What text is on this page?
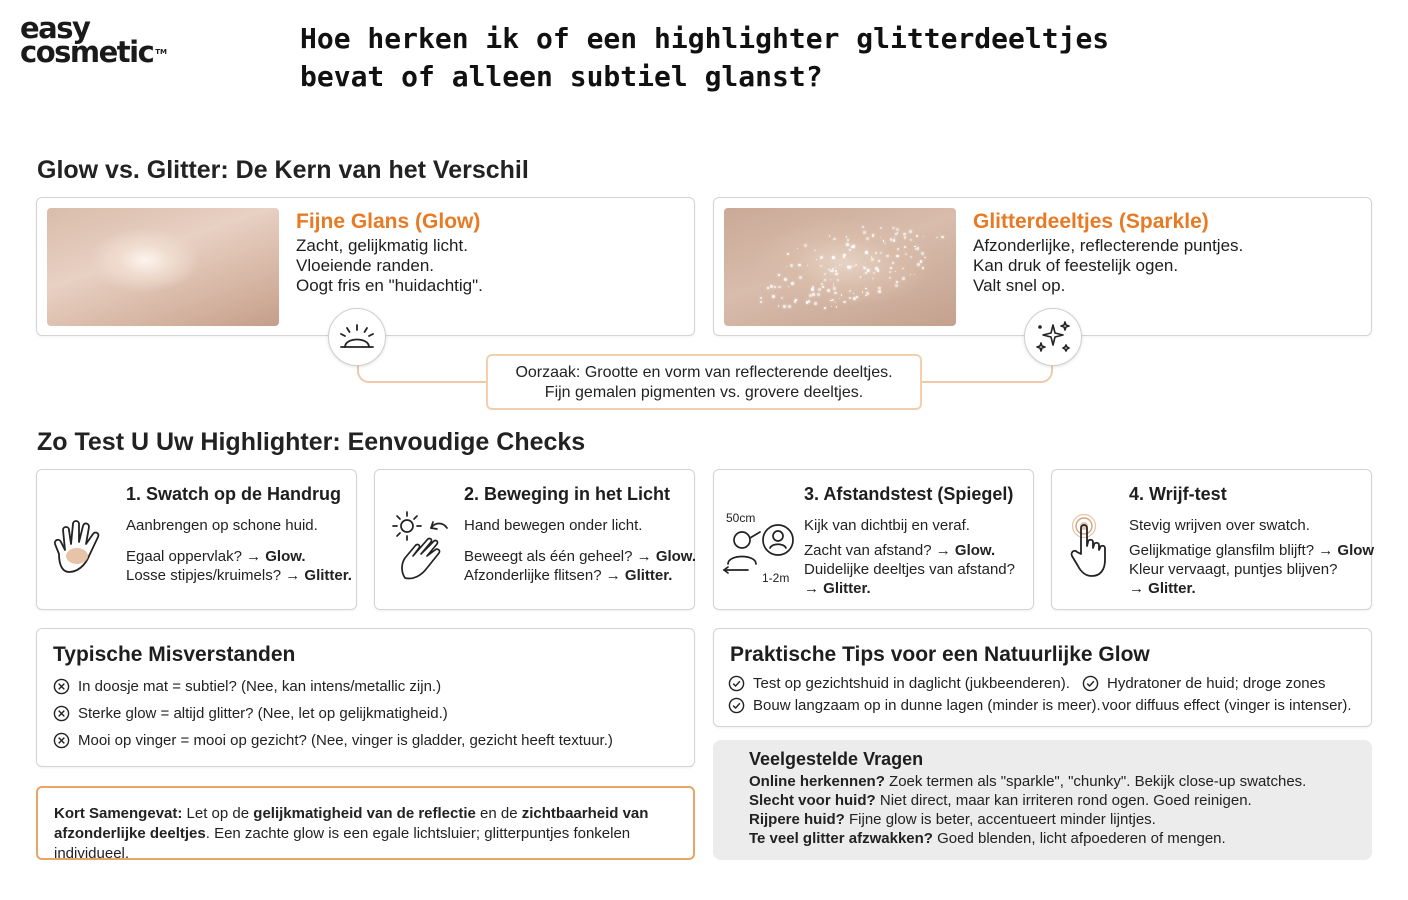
easy
cosmetic ™	Hoe herken ik of een highlighter glitterdeeltjes bevat of alleen subtiel glanst?
Glow vs. Glitter: De Kern van het Verschil
Fijne Glans (Glow)
Zacht, gelijkmatig licht.
Vloeiende randen.
Oogt fris en "huidachtig".
Glitterdeeltjes (Sparkle)
Afzonderlijke, reflecterende puntjes.
Kan druk of feestelijk ogen.
Valt snel op.
Oorzaak: Grootte en vorm van reflecterende deeltjes.
Fijn gemalen pigmenten vs. grovere deeltjes.
Zo Test U Uw Highlighter: Eenvoudige Checks
1. Swatch op de Handrug
Aanbrengen op schone huid.
Egaal oppervlak? → Glow.
Losse stipjes/kruimels? → Glitter.
2. Beweging in het Licht
Hand bewegen onder licht.
Beweegt als één geheel? → Glow.
Afzonderlijke flitsen? → Glitter.
50cm
1-2m
3. Afstandstest (Spiegel)
Kijk van dichtbij en veraf.
Zacht van afstand? → Glow.
Duidelijke deeltjes van afstand?
→ Glitter.
4. Wrijf-test
Stevig wrijven over swatch.
Gelijkmatige glansfilm blijft? → Glow
Kleur vervaagt, puntjes blijven?
→ Glitter.
Typische Misverstanden
In doosje mat = subtiel? (Nee, kan intens/metallic zijn.)
Sterke glow = altijd glitter? (Nee, let op gelijkmatigheid.)
Mooi op vinger = mooi op gezicht? (Nee, vinger is gladder, gezicht heeft textuur.)
Praktische Tips voor een Natuurlijke Glow
Test op gezichtshuid in daglicht (jukbeenderen).
Bouw langzaam op in dunne lagen (minder is meer).
Hydratoner de huid; droge zones
voor diffuus effect (vinger is intenser).
Kort Samengevat: Let op de gelijkmatigheid van de reflectie en de zichtbaarheid van
afzonderlijke deeltjes. Een zachte glow is een egale lichtsluier; glitterpuntjes fonkelen individueel.
Veelgestelde Vragen
Online herkennen? Zoek termen als "sparkle", "chunky". Bekijk close-up swatches.
Slecht voor huid? Niet direct, maar kan irriteren rond ogen. Goed reinigen.
Rijpere huid? Fijne glow is beter, accentueert minder lijntjes.
Te veel glitter afzwakken? Goed blenden, licht afpoederen of mengen.
